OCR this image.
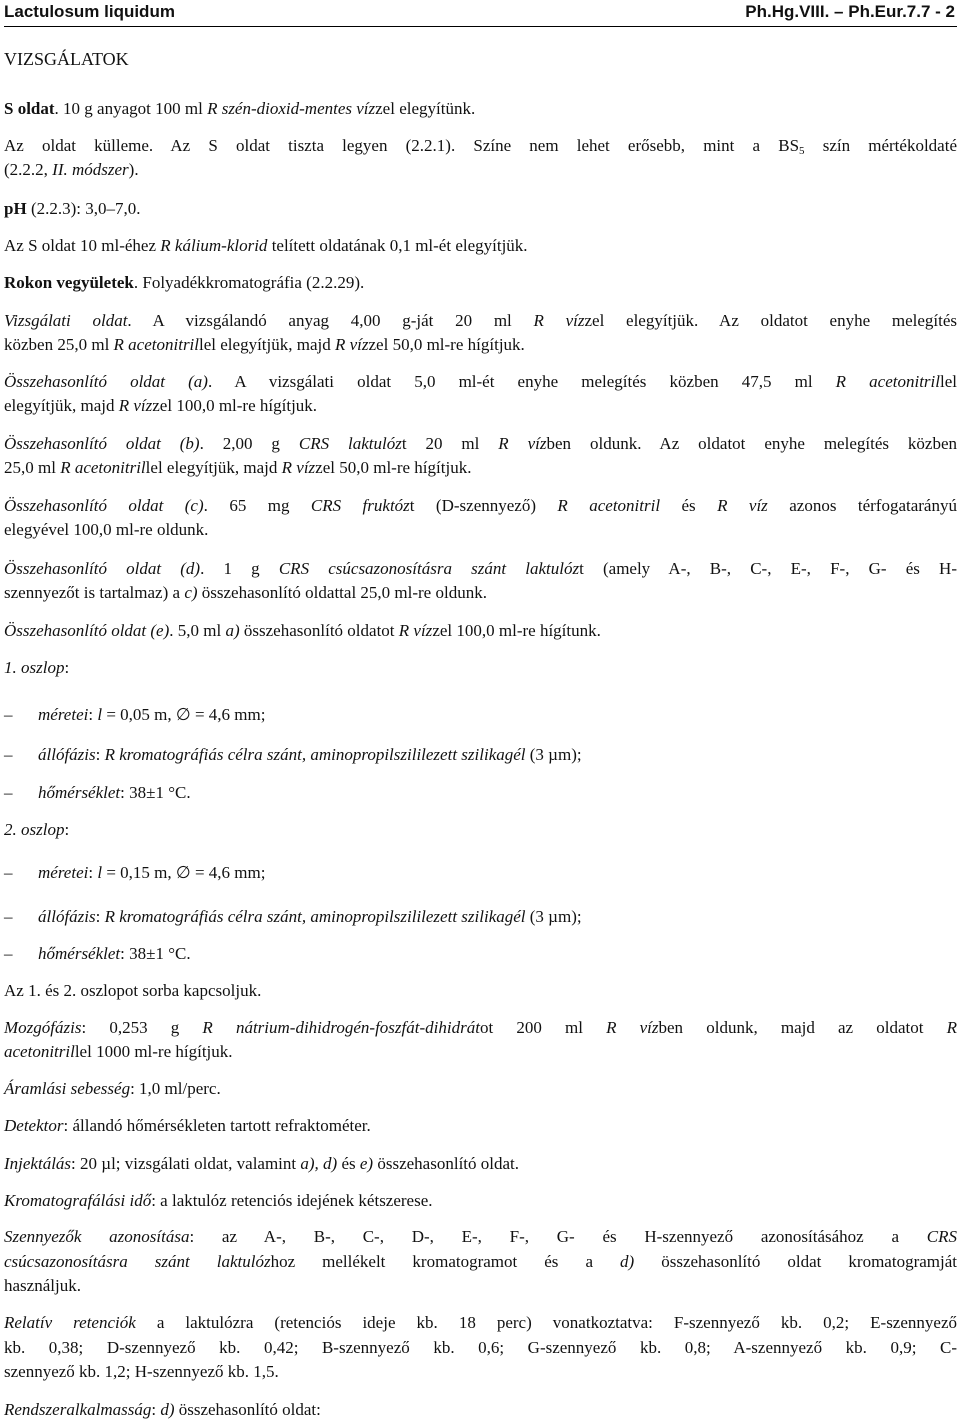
Lactulosum liquidum	Ph.Hg.VIII. – Ph.Eur.7.7 - 2
VIZSGÁLATOK
S oldat. 10 g anyagot 100 ml R szén-dioxid-mentes vízzel elegyítünk.
Az oldat külleme. Az S oldat tiszta legyen (2.2.1). Színe nem lehet erősebb, mint a $BS_5$ szín mértékoldaté
(2.2.2, II. módszer).
pH (2.2.3): 3,0–7,0.
Az S oldat 10 ml-éhez R kálium-klorid telített oldatának 0,1 ml-ét elegyítjük.
Rokon vegyületek. Folyadékkromatográfia (2.2.29).
Vizsgálati oldat. A vizsgálandó anyag 4,00 g-ját 20 ml R vízzel elegyítjük. Az oldatot enyhe melegítés
közben 25,0 ml R acetonitrillel elegyítjük, majd R vízzel 50,0 ml-re hígítjuk.
Összehasonlító oldat (a). A vizsgálati oldat 5,0 ml-ét enyhe melegítés közben 47,5 ml R acetonitrillel
elegyítjük, majd R vízzel 100,0 ml-re hígítjuk.
Összehasonlító oldat (b). 2,00 g CRS laktulózt 20 ml R vízben oldunk. Az oldatot enyhe melegítés közben
25,0 ml R acetonitrillel elegyítjük, majd R vízzel 50,0 ml-re hígítjuk.
Összehasonlító oldat (c). 65 mg CRS fruktózt (D-szennyező) R acetonitril és R víz azonos térfogatarányú
elegyével 100,0 ml-re oldunk.
Összehasonlító oldat (d). 1 g CRS csúcsazonosításra szánt laktulózt (amely A-, B-, C-, E-, F-, G- és H-
szennyezőt is tartalmaz) a c) összehasonlító oldattal 25,0 ml-re oldunk.
Összehasonlító oldat (e). 5,0 ml a) összehasonlító oldatot R vízzel 100,0 ml-re hígítunk.
1. oszlop:
– méretei: l = 0,05 m, ∅ = 4,6 mm;
– állófázis: R kromatográfiás célra szánt, aminopropilszililezett szilikagél (3 µm);
– hőmérséklet: 38±1 °C.
2. oszlop:
– méretei: l = 0,15 m, ∅ = 4,6 mm;
– állófázis: R kromatográfiás célra szánt, aminopropilszililezett szilikagél (3 µm);
– hőmérséklet: 38±1 °C.
Az 1. és 2. oszlopot sorba kapcsoljuk.
Mozgófázis: 0,253 g R nátrium-dihidrogén-foszfát-dihidrátot 200 ml R vízben oldunk, majd az oldatot R
acetonitrillel 1000 ml-re hígítjuk.
Áramlási sebesség: 1,0 ml/perc.
Detektor: állandó hőmérsékleten tartott refraktométer.
Injektálás: 20 µl; vizsgálati oldat, valamint a), d) és e) összehasonlító oldat.
Kromatografálási idő: a laktulóz retenciós idejének kétszerese.
Szennyezők azonosítása: az A-, B-, C-, D-, E-, F-, G- és H-szennyező azonosításához a CRS
csúcsazonosításra szánt laktulózhoz mellékelt kromatogramot és a d) összehasonlító oldat kromatogramját
használjuk.
Relatív retenciók a laktulózra (retenciós ideje kb. 18 perc) vonatkoztatva: F-szennyező kb. 0,2; E-szennyező
kb. 0,38; D-szennyező kb. 0,42; B-szennyező kb. 0,6; G-szennyező kb. 0,8; A-szennyező kb. 0,9; C-
szennyező kb. 1,2; H-szennyező kb. 1,5.
Rendszeralkalmasság: d) összehasonlító oldat:
